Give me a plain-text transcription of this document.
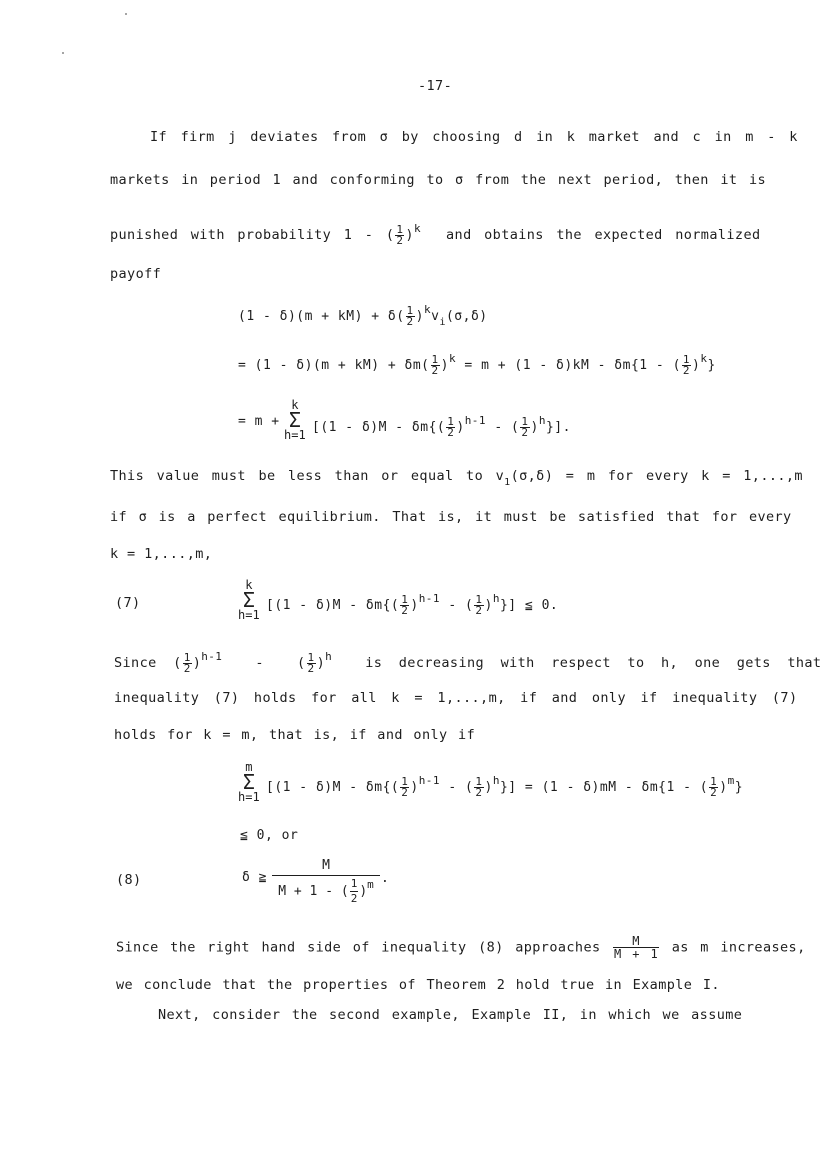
-17-
If firm j deviates from σ by choosing d in k market and c in m - k
markets in period 1 and conforming to σ from the next period, then it is
punished with probability 1 - ( $\frac{1}{2} )^k$ and obtains the expected normalized
payoff
$(1 - \delta)(m + kM) + \delta( \frac{1}{2} )^kv_i(\sigma,\delta)$
= $(1 - \delta)(m + kM) + \delta m( \frac{1}{2} )^k = m + (1 - \delta)kM - \delta m\{1$ - ( $\frac{1}{2} )^k$}
k
Σ
h=1
= $m + [(1 - \delta)M - \delta m\{( \frac{1}{2} )^{h-1}$ - ( $\frac{1}{2} )^h$}].
This value must be less than or equal to $v_1(\sigma,\delta) = m$ for every k = 1,...,m
if σ is a perfect equilibrium. That is, it must be satisfied that for every
k = 1,...,m,
(7)
k
Σ
h=1
[$(1 - \delta)M - \delta m\{( \frac{1}{2} )^{h-1}$ - ( $\frac{1}{2} )^h$}] ≦ 0.
Since ( $\frac{1}{2} )^{h-1}$ -  ( $\frac{1}{2} )^h$ is decreasing with respect to h, one gets that
inequality (7) holds for all k = 1,...,m, if and only if inequality (7)
holds for k = m, that is, if and only if
m
Σ
h=1
[$(1 - \delta)M - \delta m\{( \frac{1}{2} )^{h-1}$ - ( $\frac{1}{2} )^h\}] = (1 - \delta)mM - \delta m\{1$ - ( $\frac{1}{2} )^m$}
≦ 0, or
(8)	δ ≧ $\frac{M}{M + 1 - ( \frac{1}{2} )^m}$ .
Since the right hand side of inequality (8) approaches $\frac{M}{M + 1}$ as m increases,
we conclude that the properties of Theorem 2 hold true in Example I.
Next, consider the second example, Example II, in which we assume
